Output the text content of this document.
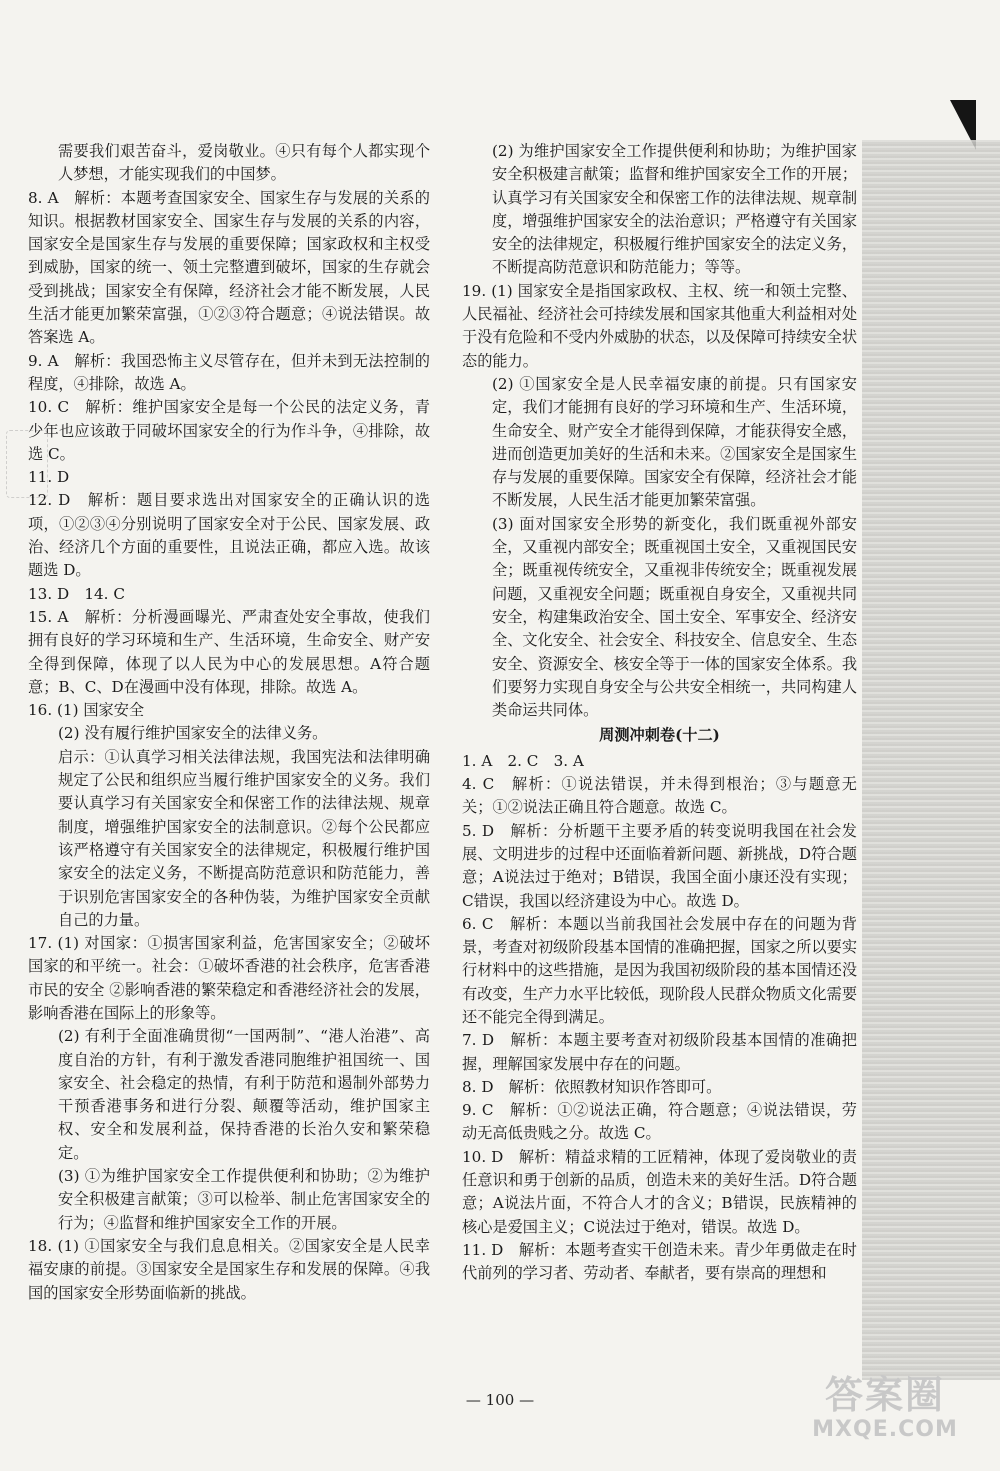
需要我们艰苦奋斗，爱岗敬业。④只有每个人都实现个人梦想，才能实现我们的中国梦。

8. A　解析：本题考查国家安全、国家生存与发展的关系的知识。根据教材国家安全、国家生存与发展的关系的内容，国家安全是国家生存与发展的重要保障；国家政权和主权受到威胁，国家的统一、领土完整遭到破坏，国家的生存就会受到挑战；国家安全有保障，经济社会才能不断发展，人民生活才能更加繁荣富强，①②③符合题意；④说法错误。故答案选 A。

9. A　解析：我国恐怖主义尽管存在，但并未到无法控制的程度，④排除，故选 A。

10. C　解析：维护国家安全是每一个公民的法定义务，青少年也应该敢于同破坏国家安全的行为作斗争，④排除，故选 C。

11. D

12. D　解析：题目要求选出对国家安全的正确认识的选项，①②③④分别说明了国家安全对于公民、国家发展、政治、经济几个方面的重要性，且说法正确，都应入选。故该题选 D。

13. D　14. C

15. A　解析：分析漫画曝光、严肃查处安全事故，使我们拥有良好的学习环境和生产、生活环境，生命安全、财产安全得到保障，体现了以人民为中心的发展思想。A符合题意；B、C、D在漫画中没有体现，排除。故选 A。

16. (1) 国家安全

(2) 没有履行维护国家安全的法律义务。

启示：①认真学习相关法律法规，我国宪法和法律明确规定了公民和组织应当履行维护国家安全的义务。我们要认真学习有关国家安全和保密工作的法律法规、规章制度，增强维护国家安全的法制意识。②每个公民都应该严格遵守有关国家安全的法律规定，积极履行维护国家安全的法定义务，不断提高防范意识和防范能力，善于识别危害国家安全的各种伪装，为维护国家安全贡献自己的力量。

17. (1) 对国家：①损害国家利益，危害国家安全；②破坏国家的和平统一。社会：①破坏香港的社会秩序，危害香港市民的安全 ②影响香港的繁荣稳定和香港经济社会的发展，影响香港在国际上的形象等。

(2) 有利于全面准确贯彻“一国两制”、“港人治港”、高度自治的方针，有利于激发香港同胞维护祖国统一、国家安全、社会稳定的热情，有利于防范和遏制外部势力干预香港事务和进行分裂、颠覆等活动，维护国家主权、安全和发展利益，保持香港的长治久安和繁荣稳定。

(3) ①为维护国家安全工作提供便利和协助；②为维护安全积极建言献策；③可以检举、制止危害国家安全的行为；④监督和维护国家安全工作的开展。

18. (1) ①国家安全与我们息息相关。②国家安全是人民幸福安康的前提。③国家安全是国家生存和发展的保障。④我国的国家安全形势面临新的挑战。

(2) 为维护国家安全工作提供便利和协助；为维护国家安全积极建言献策；监督和维护国家安全工作的开展；认真学习有关国家安全和保密工作的法律法规、规章制度，增强维护国家安全的法治意识；严格遵守有关国家安全的法律规定，积极履行维护国家安全的法定义务，不断提高防范意识和防范能力；等等。

19. (1) 国家安全是指国家政权、主权、统一和领土完整、人民福祉、经济社会可持续发展和国家其他重大利益相对处于没有危险和不受内外威胁的状态，以及保障可持续安全状态的能力。

(2) ①国家安全是人民幸福安康的前提。只有国家安定，我们才能拥有良好的学习环境和生产、生活环境，生命安全、财产安全才能得到保障，才能获得安全感，进而创造更加美好的生活和未来。②国家安全是国家生存与发展的重要保障。国家安全有保障，经济社会才能不断发展，人民生活才能更加繁荣富强。

(3) 面对国家安全形势的新变化，我们既重视外部安全，又重视内部安全；既重视国土安全，又重视国民安全；既重视传统安全，又重视非传统安全；既重视发展问题，又重视安全问题；既重视自身安全，又重视共同安全，构建集政治安全、国土安全、军事安全、经济安全、文化安全、社会安全、科技安全、信息安全、生态安全、资源安全、核安全等于一体的国家安全体系。我们要努力实现自身安全与公共安全相统一，共同构建人类命运共同体。

周测冲刺卷(十二)

1. A　2. C　3. A

4. C　解析：①说法错误，并未得到根治；③与题意无关；①②说法正确且符合题意。故选 C。

5. D　解析：分析题干主要矛盾的转变说明我国在社会发展、文明进步的过程中还面临着新问题、新挑战，D符合题意；A说法过于绝对；B错误，我国全面小康还没有实现；C错误，我国以经济建设为中心。故选 D。

6. C　解析：本题以当前我国社会发展中存在的问题为背景，考查对初级阶段基本国情的准确把握，国家之所以要实行材料中的这些措施，是因为我国初级阶段的基本国情还没有改变，生产力水平比较低，现阶段人民群众物质文化需要还不能完全得到满足。

7. D　解析：本题主要考查对初级阶段基本国情的准确把握，理解国家发展中存在的问题。

8. D　解析：依照教材知识作答即可。

9. C　解析：①②说法正确，符合题意；④说法错误，劳动无高低贵贱之分。故选 C。

10. D　解析：精益求精的工匠精神，体现了爱岗敬业的责任意识和勇于创新的品质，创造未来的美好生活。D符合题意；A说法片面，不符合人才的含义；B错误，民族精神的核心是爱国主义；C说法过于绝对，错误。故选 D。

11. D　解析：本题考查实干创造未来。青少年勇做走在时代前列的学习者、劳动者、奉献者，要有崇高的理想和

— 100 —	答案圈
MXQE.COM
